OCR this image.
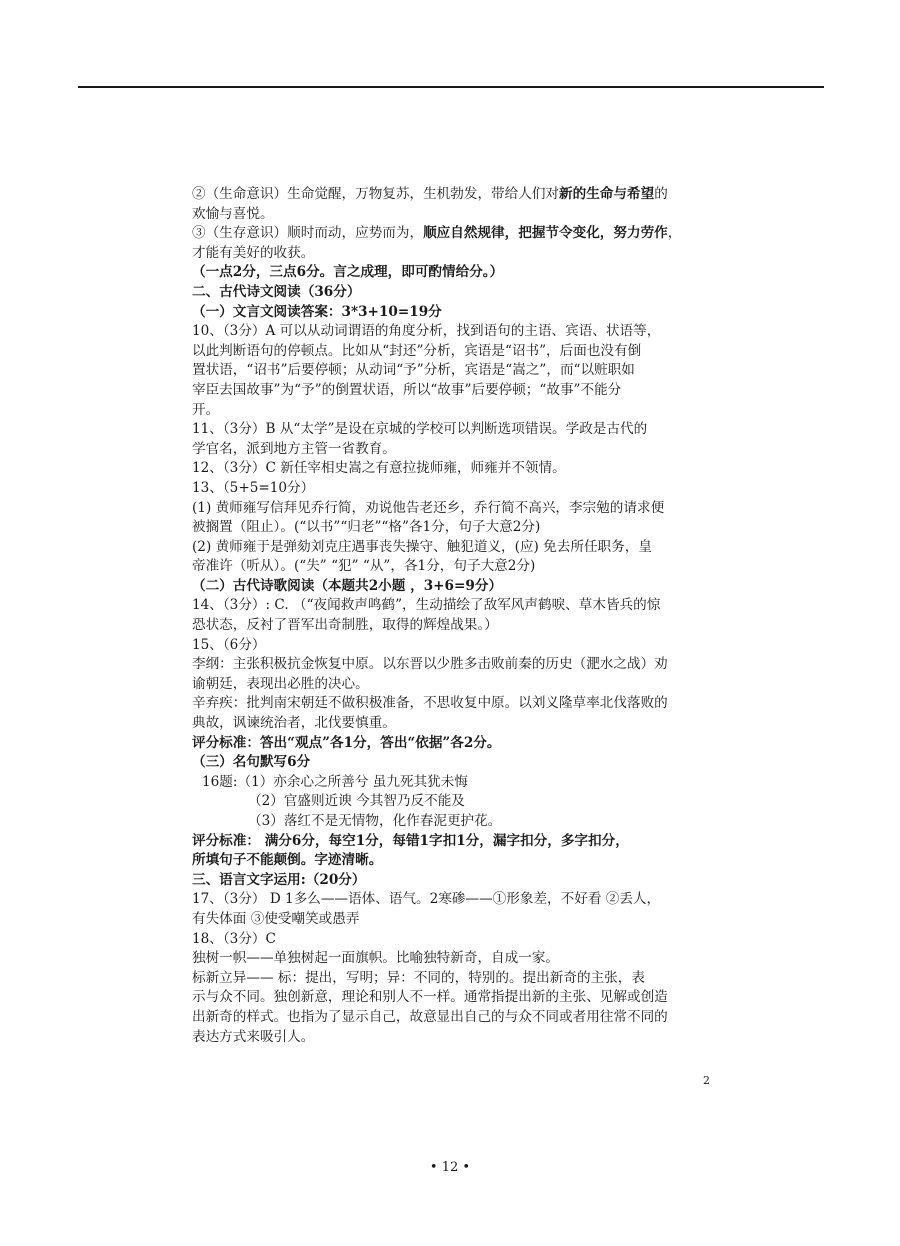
②（生命意识）生命觉醒，万物复苏，生机勃发，带给人们对新的生命与希望的
欢愉与喜悦。
③（生存意识）顺时而动，应势而为，顺应自然规律，把握节令变化，努力劳作，
才能有美好的收获。
（一点2分，三点6分。言之成理，即可酌情给分。）
二、古代诗文阅读（36分）
（一）文言文阅读答案：3*3+10=19分
10、（3分）A 可以从动词谓语的角度分析，找到语句的主语、宾语、状语等，
以此判断语句的停顿点。比如从“封还”分析，宾语是“诏书”，后面也没有倒
置状语，“诏书”后要停顿；从动词“予”分析，宾语是“嵩之”，而“以赃职如
宰臣去国故事”为“予”的倒置状语，所以“故事”后要停顿；“故事”不能分
开。
11、（3分）B 从“太学”是设在京城的学校可以判断选项错误。学政是古代的
学官名，派到地方主管一省教育。
12、（3分）C 新任宰相史嵩之有意拉拢师雍，师雍并不领情。
13、（5+5=10分）
(1) 黄师雍写信拜见乔行简，劝说他告老还乡，乔行简不高兴，李宗勉的请求便
被搁置（阻止）。(“以书”“归老”“格”各1分，句子大意2分)
(2) 黄师雍于是弹劾刘克庄遇事丧失操守、触犯道义，(应) 免去所任职务，皇
帝准许（听从）。(“失” “犯” “从”，各1分，句子大意2分)
（二）古代诗歌阅读（本题共2小题 ，3+6=9分）
14、（3分）: C. （“夜闻救声鸣鹤”，生动描绘了敌军风声鹤唳、草木皆兵的惊
恐状态，反衬了晋军出奇制胜，取得的辉煌战果。）
15、（6分）
李纲：主张积极抗金恢复中原。以东晋以少胜多击败前秦的历史（淝水之战）劝
谕朝廷，表现出必胜的决心。
辛弃疾：批判南宋朝廷不做积极准备，不思收复中原。以刘义隆草率北伐落败的
典故，讽谏统治者，北伐要慎重。
评分标准：答出“观点”各1分，答出“依据”各2分。
（三）名句默写6分
16题:（1）亦余心之所善兮 虽九死其犹未悔
（2）官盛则近谀 今其智乃反不能及
（3）落红不是无情物，化作春泥更护花。
评分标准： 满分6分，每空1分，每错1字扣1分，漏字扣分，多字扣分，
所填句子不能颠倒。字迹清晰。
三、语言文字运用:（20分）
17、（3分） D 1多么——语体、语气。2寒碜——①形象差，不好看 ②丢人，
有失体面 ③使受嘲笑或愚弄
18、（3分）C
独树一帜——单独树起一面旗帜。比喻独特新奇，自成一家。
标新立异—— 标：提出，写明；异：不同的，特别的。提出新奇的主张，表
示与众不同。独创新意，理论和别人不一样。通常指提出新的主张、见解或创造
出新奇的样式。也指为了显示自己，故意显出自己的与众不同或者用往常不同的
表达方式来吸引人。
2
• 12 •
